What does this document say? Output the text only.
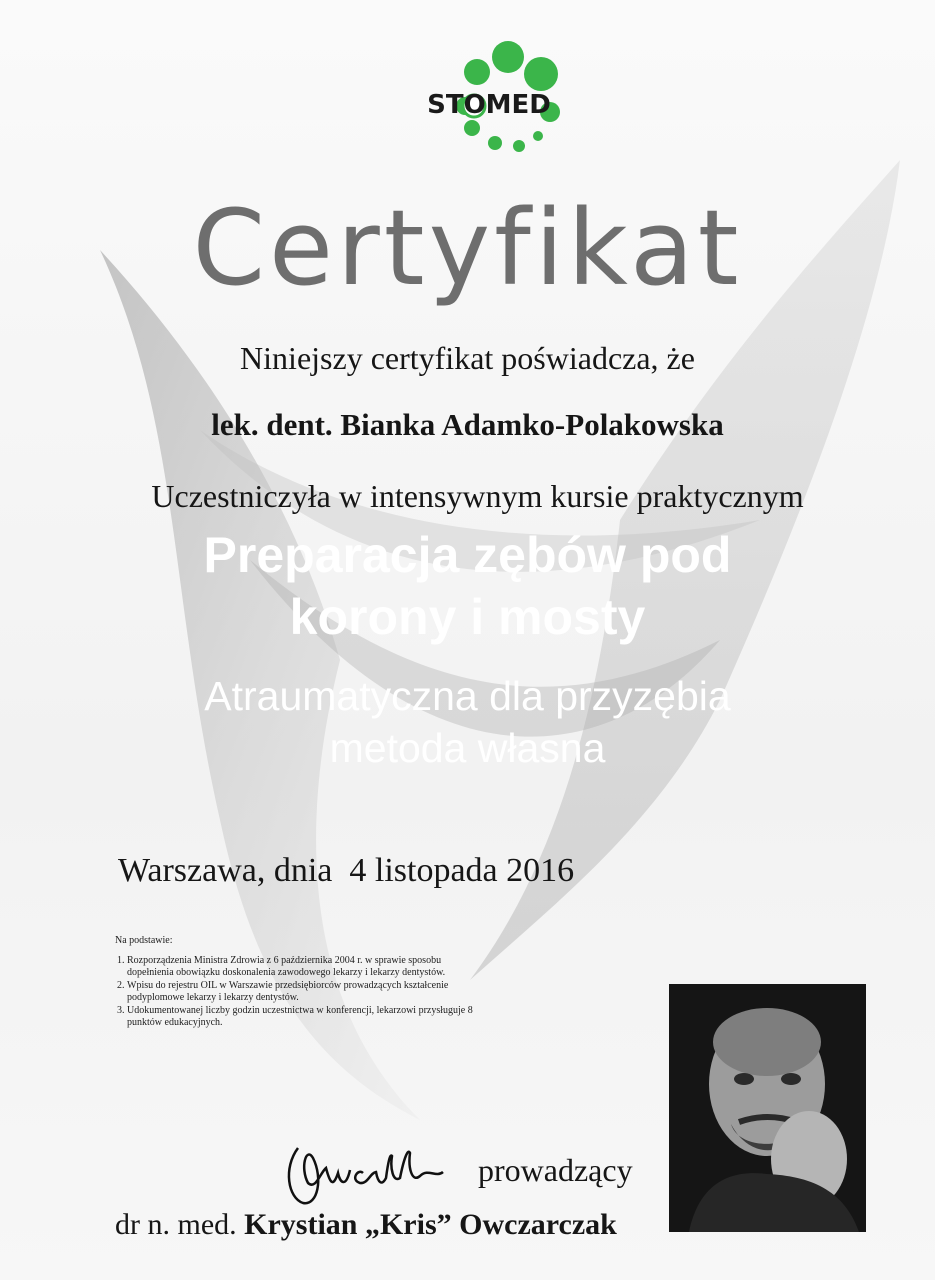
STOMED
Certyfikat
Niniejszy certyfikat poświadcza, że
lek. dent. Bianka Adamko-Polakowska
Uczestniczyła w intensywnym kursie praktycznym
Preparacja zębów pod
korony i mosty
Atraumatyczna dla przyzębia
metoda własna
Warszawa, dnia  4 listopada 2016
Na podstawie:
1. Rozporządzenia Ministra Zdrowia z 6 października 2004 r. w sprawie sposobu dopełnienia obowiązku doskonalenia zawodowego lekarzy i lekarzy dentystów.
2. Wpisu do rejestru OIL w Warszawie przedsiębiorców prowadzących kształcenie podyplomowe lekarzy i lekarzy dentystów.
3. Udokumentowanej liczby godzin uczestnictwa w konferencji, lekarzowi przysługuje 8 punktów edukacyjnych.
prowadzący
dr n. med. Krystian „Kris” Owczarczak
